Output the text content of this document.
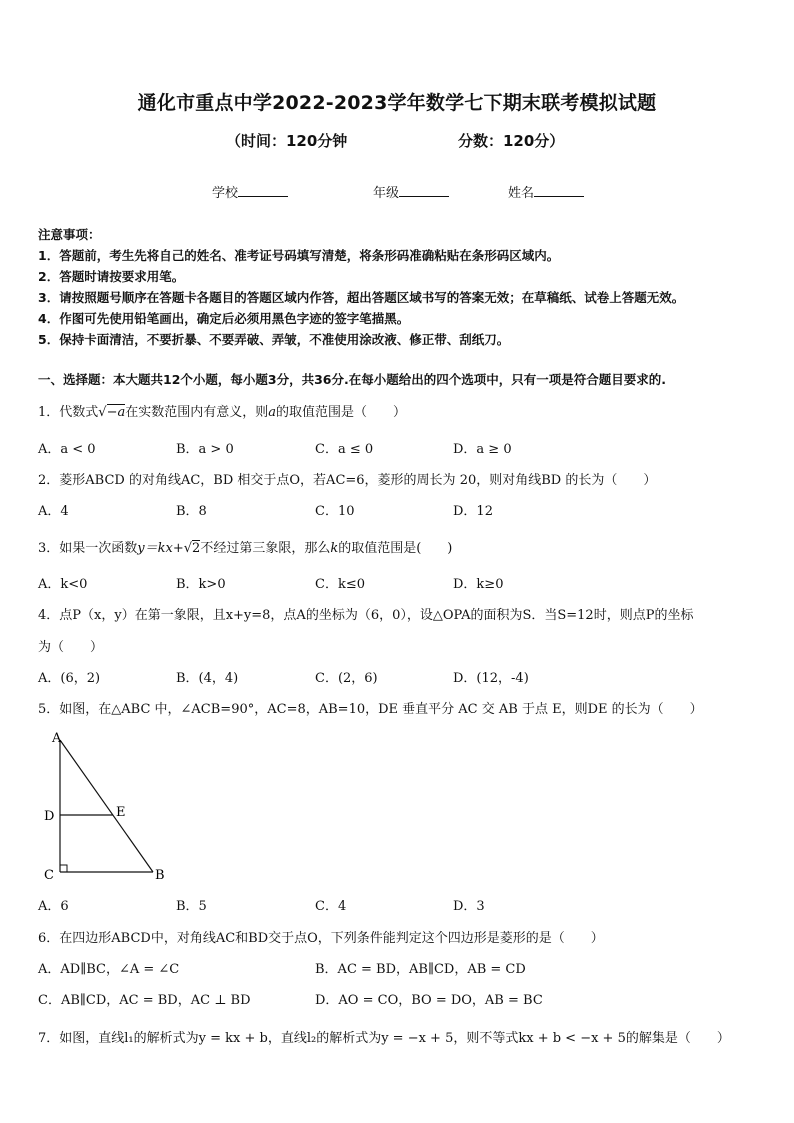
通化市重点中学2022-2023学年数学七下期末联考模拟试题
（时间：120分钟	分数：120分）
学校	年级	姓名
注意事项：
1．答题前，考生先将自己的姓名、准考证号码填写清楚，将条形码准确粘贴在条形码区域内。
2．答题时请按要求用笔。
3．请按照题号顺序在答题卡各题目的答题区域内作答，超出答题区域书写的答案无效；在草稿纸、试卷上答题无效。
4．作图可先使用铅笔画出，确定后必须用黑色字迹的签字笔描黑。
5．保持卡面清洁，不要折暴、不要弄破、弄皱，不准使用涂改液、修正带、刮纸刀。
一、选择题：本大题共12个小题，每小题3分，共36分.在每小题给出的四个选项中，只有一项是符合题目要求的.
1．代数式√−a在实数范围内有意义，则a的取值范围是（　　）
A．a < 0	B．a > 0	C．a ≤ 0	D．a ≥ 0
2．菱形ABCD 的对角线AC，BD 相交于点O，若AC=6，菱形的周长为 20，则对角线BD 的长为（　　）
A．4	B．8	C．10	D．12
3．如果一次函数y＝kx+√2不经过第三象限，那么k的取值范围是(　　)
A．k<0	B．k>0	C．k≤0	D．k≥0
4．点P（x，y）在第一象限，且x+y=8，点A的坐标为（6，0），设△OPA的面积为S．当S=12时，则点P的坐标
为（　　）
A．(6，2)	B．(4，4)	C．(2，6)	D．(12，-4)
5．如图，在△ABC 中，∠ACB=90°，AC=8，AB=10，DE 垂直平分 AC 交 AB 于点 E，则DE 的长为（　　）
A
D	E
C	B
A．6	B．5	C．4	D．3
6．在四边形ABCD中，对角线AC和BD交于点O，下列条件能判定这个四边形是菱形的是（　　）
A．AD∥BC，∠A = ∠C	B．AC = BD，AB∥CD，AB = CD
C．AB∥CD，AC = BD，AC ⊥ BD	D．AO = CO，BO = DO，AB = BC
7．如图，直线l₁的解析式为y = kx + b，直线l₂的解析式为y = −x + 5，则不等式kx + b < −x + 5的解集是（　　）
